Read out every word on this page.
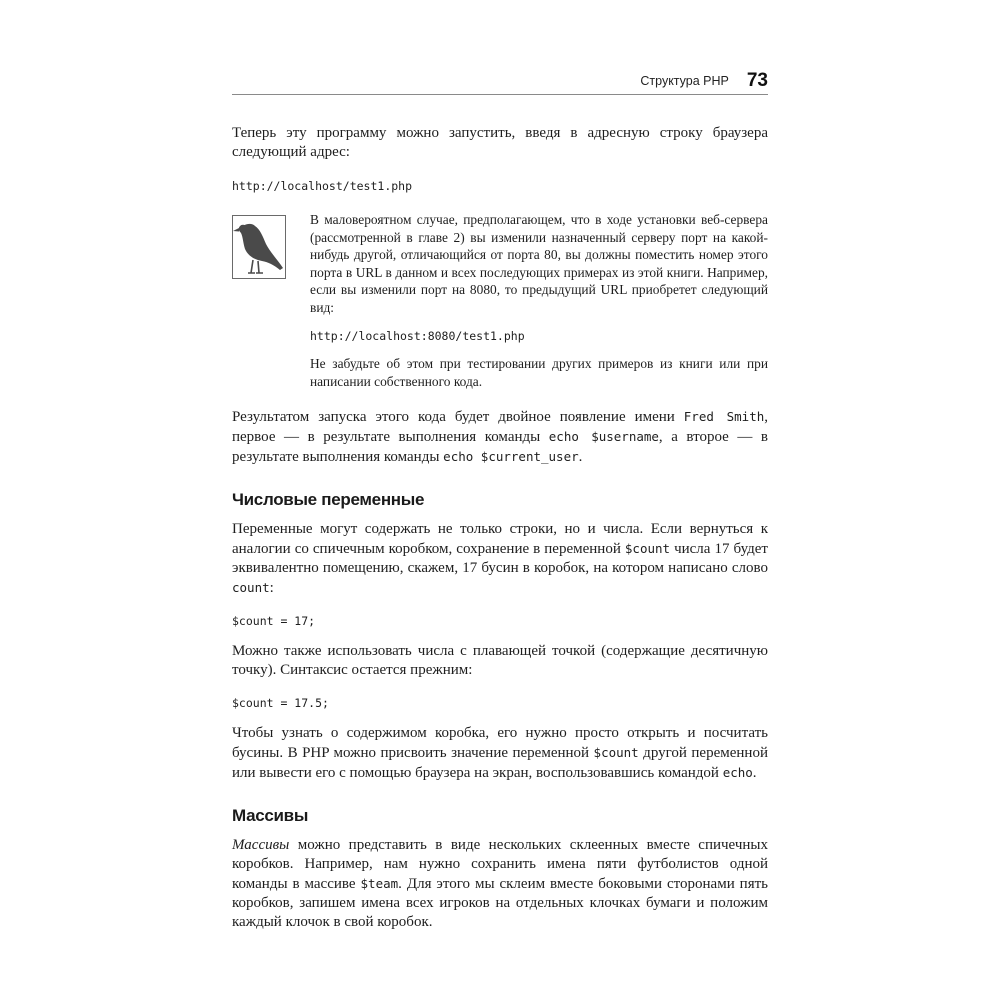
Структура PHP 73

Теперь эту программу можно запустить, введя в адресную строку браузера следующий адрес:

http://localhost/test1.php

В маловероятном случае, предполагающем, что в ходе установки веб-сервера (рассмотренной в главе 2) вы изменили назначенный серверу порт на какой-нибудь другой, отличающийся от порта 80, вы должны поместить номер этого порта в URL в данном и всех последующих примерах из этой книги. Например, если вы изменили порт на 8080, то предыдущий URL приобретет следующий вид:

http://localhost:8080/test1.php

Не забудьте об этом при тестировании других примеров из книги или при написании собственного кода.

Результатом запуска этого кода будет двойное появление имени Fred Smith, первое — в результате выполнения команды echo $username, а второе — в результате выполнения команды echo $current_user.

Числовые переменные

Переменные могут содержать не только строки, но и числа. Если вернуться к аналогии со спичечным коробком, сохранение в переменной $count числа 17 будет эквивалентно помещению, скажем, 17 бусин в коробок, на котором написано слово count:

$count = 17;

Можно также использовать числа с плавающей точкой (содержащие десятичную точку). Синтаксис остается прежним:

$count = 17.5;

Чтобы узнать о содержимом коробка, его нужно просто открыть и посчитать бусины. В PHP можно присвоить значение переменной $count другой переменной или вывести его с помощью браузера на экран, воспользовавшись командой echo.

Массивы

Массивы можно представить в виде нескольких склеенных вместе спичечных коробков. Например, нам нужно сохранить имена пяти футболистов одной команды в массиве $team. Для этого мы склеим вместе боковыми сторонами пять коробков, запишем имена всех игроков на отдельных клочках бумаги и положим каждый клочок в свой коробок.
